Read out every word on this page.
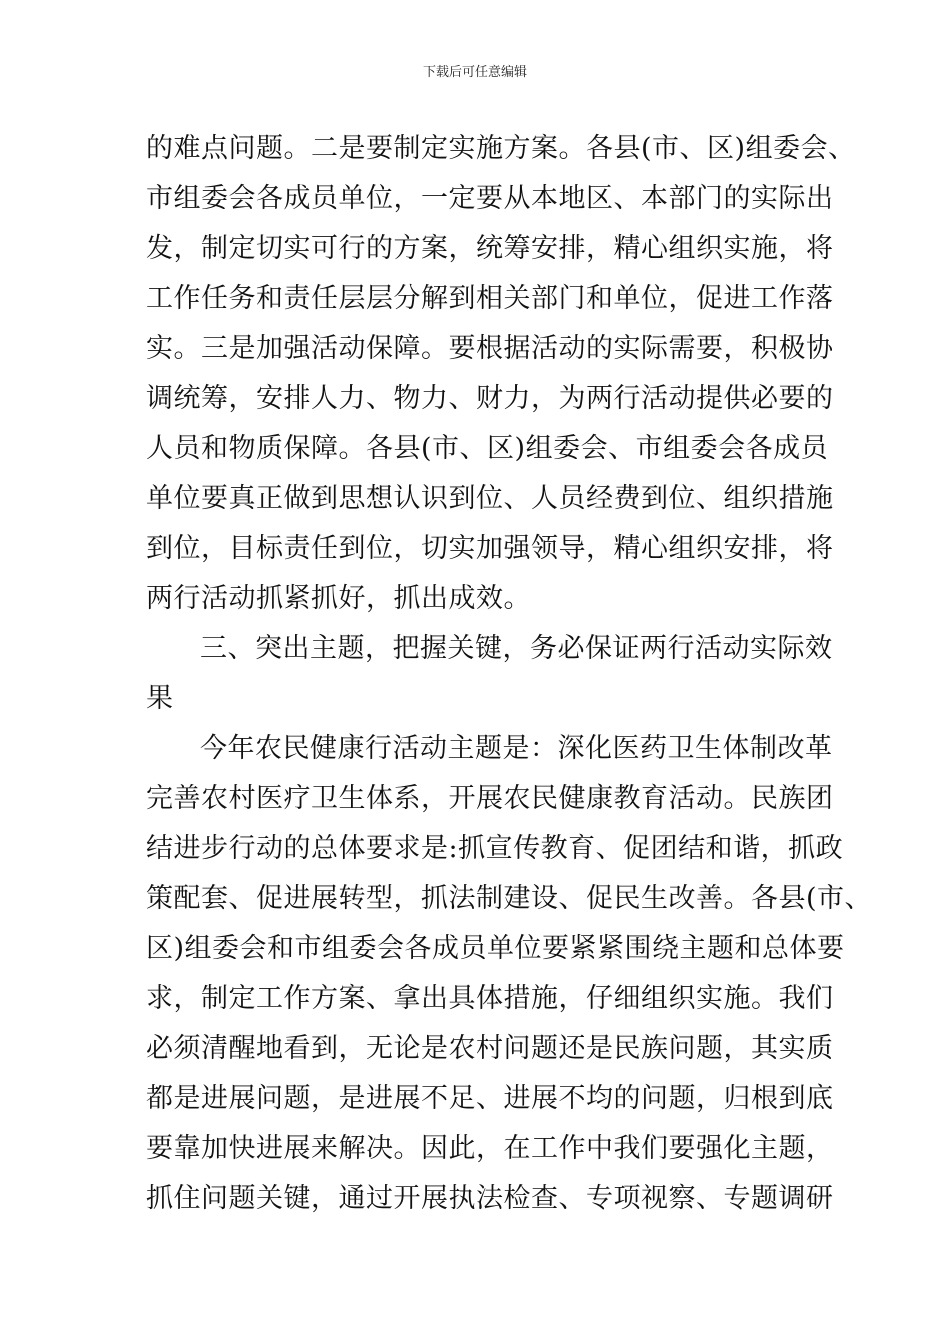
下载后可任意编辑
的难点问题。二是要制定实施方案。各县(市、区)组委会、
市组委会各成员单位，一定要从本地区、本部门的实际出
发，制定切实可行的方案，统筹安排，精心组织实施，将
工作任务和责任层层分解到相关部门和单位，促进工作落
实。三是加强活动保障。要根据活动的实际需要，积极协
调统筹，安排人力、物力、财力，为两行活动提供必要的
人员和物质保障。各县(市、区)组委会、市组委会各成员
单位要真正做到思想认识到位、人员经费到位、组织措施
到位，目标责任到位，切实加强领导，精心组织安排，将
两行活动抓紧抓好，抓出成效。
三、突出主题，把握关键，务必保证两行活动实际效
果
今年农民健康行活动主题是：深化医药卫生体制改革
完善农村医疗卫生体系，开展农民健康教育活动。民族团
结进步行动的总体要求是:抓宣传教育、促团结和谐，抓政
策配套、促进展转型，抓法制建设、促民生改善。各县(市、
区)组委会和市组委会各成员单位要紧紧围绕主题和总体要
求，制定工作方案、拿出具体措施，仔细组织实施。我们
必须清醒地看到，无论是农村问题还是民族问题，其实质
都是进展问题，是进展不足、进展不均的问题，归根到底
要靠加快进展来解决。因此，在工作中我们要强化主题，
抓住问题关键，通过开展执法检查、专项视察、专题调研
